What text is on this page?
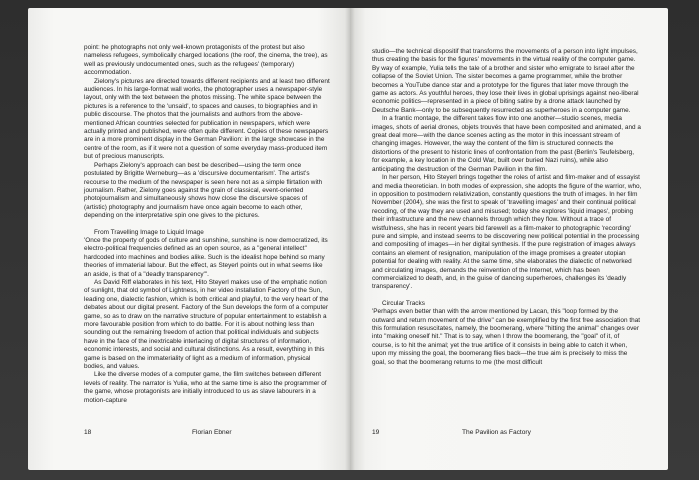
point: he photographs not only well-known protagonists of the protest but also nameless refugees, symbolically charged locations (the roof, the cinema, the tree), as well as previously undocumented ones, such as the refugees' (temporary) accommodation.

Zielony's pictures are directed towards different recipients and at least two different audiences. In his large-format wall works, the photographer uses a newspaper-style layout, only with the text between the photos missing. The white space between the pictures is a reference to the 'unsaid', to spaces and causes, to biographies and in public discourse. The photos that the journalists and authors from the above-mentioned African countries selected for publication in newspapers, which were actually printed and published, were often quite different. Copies of these newspapers are in a more prominent display in the German Pavilion: in the large showcase in the centre of the room, as if it were not a question of some everyday mass-produced item but of precious manuscripts.

Perhaps Zielony's approach can best be described—using the term once postulated by Brigitte Werneburg—as a 'discursive documentarism'. The artist's recourse to the medium of the newspaper is seen here not as a simple flirtation with journalism. Rather, Zielony goes against the grain of classical, event-oriented photojournalism and simultaneously shows how close the discursive spaces of (artistic) photography and journalism have once again become to each other, depending on the interpretative spin one gives to the pictures.

From Travelling Image to Liquid Image

'Once the property of gods of culture and sunshine, sunshine is now democratized, its electro-political frequencies defined as an open source, as a "general intellect" hardcoded into machines and bodies alike. Such is the idealist hope behind so many theories of immaterial labour. But the effect, as Steyerl points out in what seems like an aside, is that of a "deadly transparency"'.

As David Riff elaborates in his text, Hito Steyerl makes use of the emphatic notion of sunlight, that old symbol of Lightness, in her video installation Factory of the Sun, leading one, dialectic fashion, which is both critical and playful, to the very heart of the debates about our digital present. Factory of the Sun develops the form of a computer game, so as to draw on the narrative structure of popular entertainment to establish a more favourable position from which to do battle. For it is about nothing less than sounding out the remaining freedom of action that political individuals and subjects have in the face of the inextricable interlacing of digital structures of information, economic interests, and social and cultural distinctions. As a result, everything in this game is based on the immateriality of light as a medium of information, physical bodies, and values.

Like the diverse modes of a computer game, the film switches between different levels of reality. The narrator is Yulia, who at the same time is also the programmer of the game, whose protagonists are initially introduced to us as slave labourers in a motion-capture

18	Florian Ebner

studio—the technical dispositif that transforms the movements of a person into light impulses, thus creating the basis for the figures' movements in the virtual reality of the computer game. By way of example, Yulia tells the tale of a brother and sister who emigrate to Israel after the collapse of the Soviet Union. The sister becomes a game programmer, while the brother becomes a YouTube dance star and a prototype for the figures that later move through the game as actors. As youthful heroes, they lose their lives in global uprisings against neo-liberal economic politics—represented in a piece of biting satire by a drone attack launched by Deutsche Bank—only to be subsequently resurrected as superheroes in a computer game.

In a frantic montage, the different takes flow into one another—studio scenes, media images, shots of aerial drones, objets trouvés that have been composited and animated, and a great deal more—with the dance scenes acting as the motor in this incessant stream of changing images. However, the way the content of the film is structured connects the distortions of the present to historic lines of confrontation from the past (Berlin's Teufelsberg, for example, a key location in the Cold War, built over buried Nazi ruins), while also anticipating the destruction of the German Pavilion in the film.

In her person, Hito Steyerl brings together the roles of artist and film-maker and of essayist and media theoretician. In both modes of expression, she adopts the figure of the warrior, who, in opposition to postmodern relativization, constantly questions the truth of images. In her film November (2004), she was the first to speak of 'travelling images' and their continual political recoding, of the way they are used and misused; today she explores 'liquid images', probing their infrastructure and the new channels through which they flow. Without a trace of wistfulness, she has in recent years bid farewell as a film-maker to photographic 'recording' pure and simple, and instead seems to be discovering new political potential in the processing and compositing of images—in her digital synthesis. If the pure registration of images always contains an element of resignation, manipulation of the image promises a greater utopian potential for dealing with reality. At the same time, she elaborates the dialectic of networked and circulating images, demands the reinvention of the Internet, which has been commercialized to death, and, in the guise of dancing superheroes, challenges its 'deadly transparency'.

Circular Tracks

'Perhaps even better than with the arrow mentioned by Lacan, this "loop formed by the outward and return movement of the drive" can be exemplified by the first free association that this formulation resuscitates, namely, the boomerang, where "hitting the animal" changes over into "making oneself hit." That is to say, when I throw the boomerang, the "goal" of it, of course, is to hit the animal; yet the true artifice of it consists in being able to catch it when, upon my missing the goal, the boomerang flies back—the true aim is precisely to miss the goal, so that the boomerang returns to me (the most difficult

19	The Pavilion as Factory
